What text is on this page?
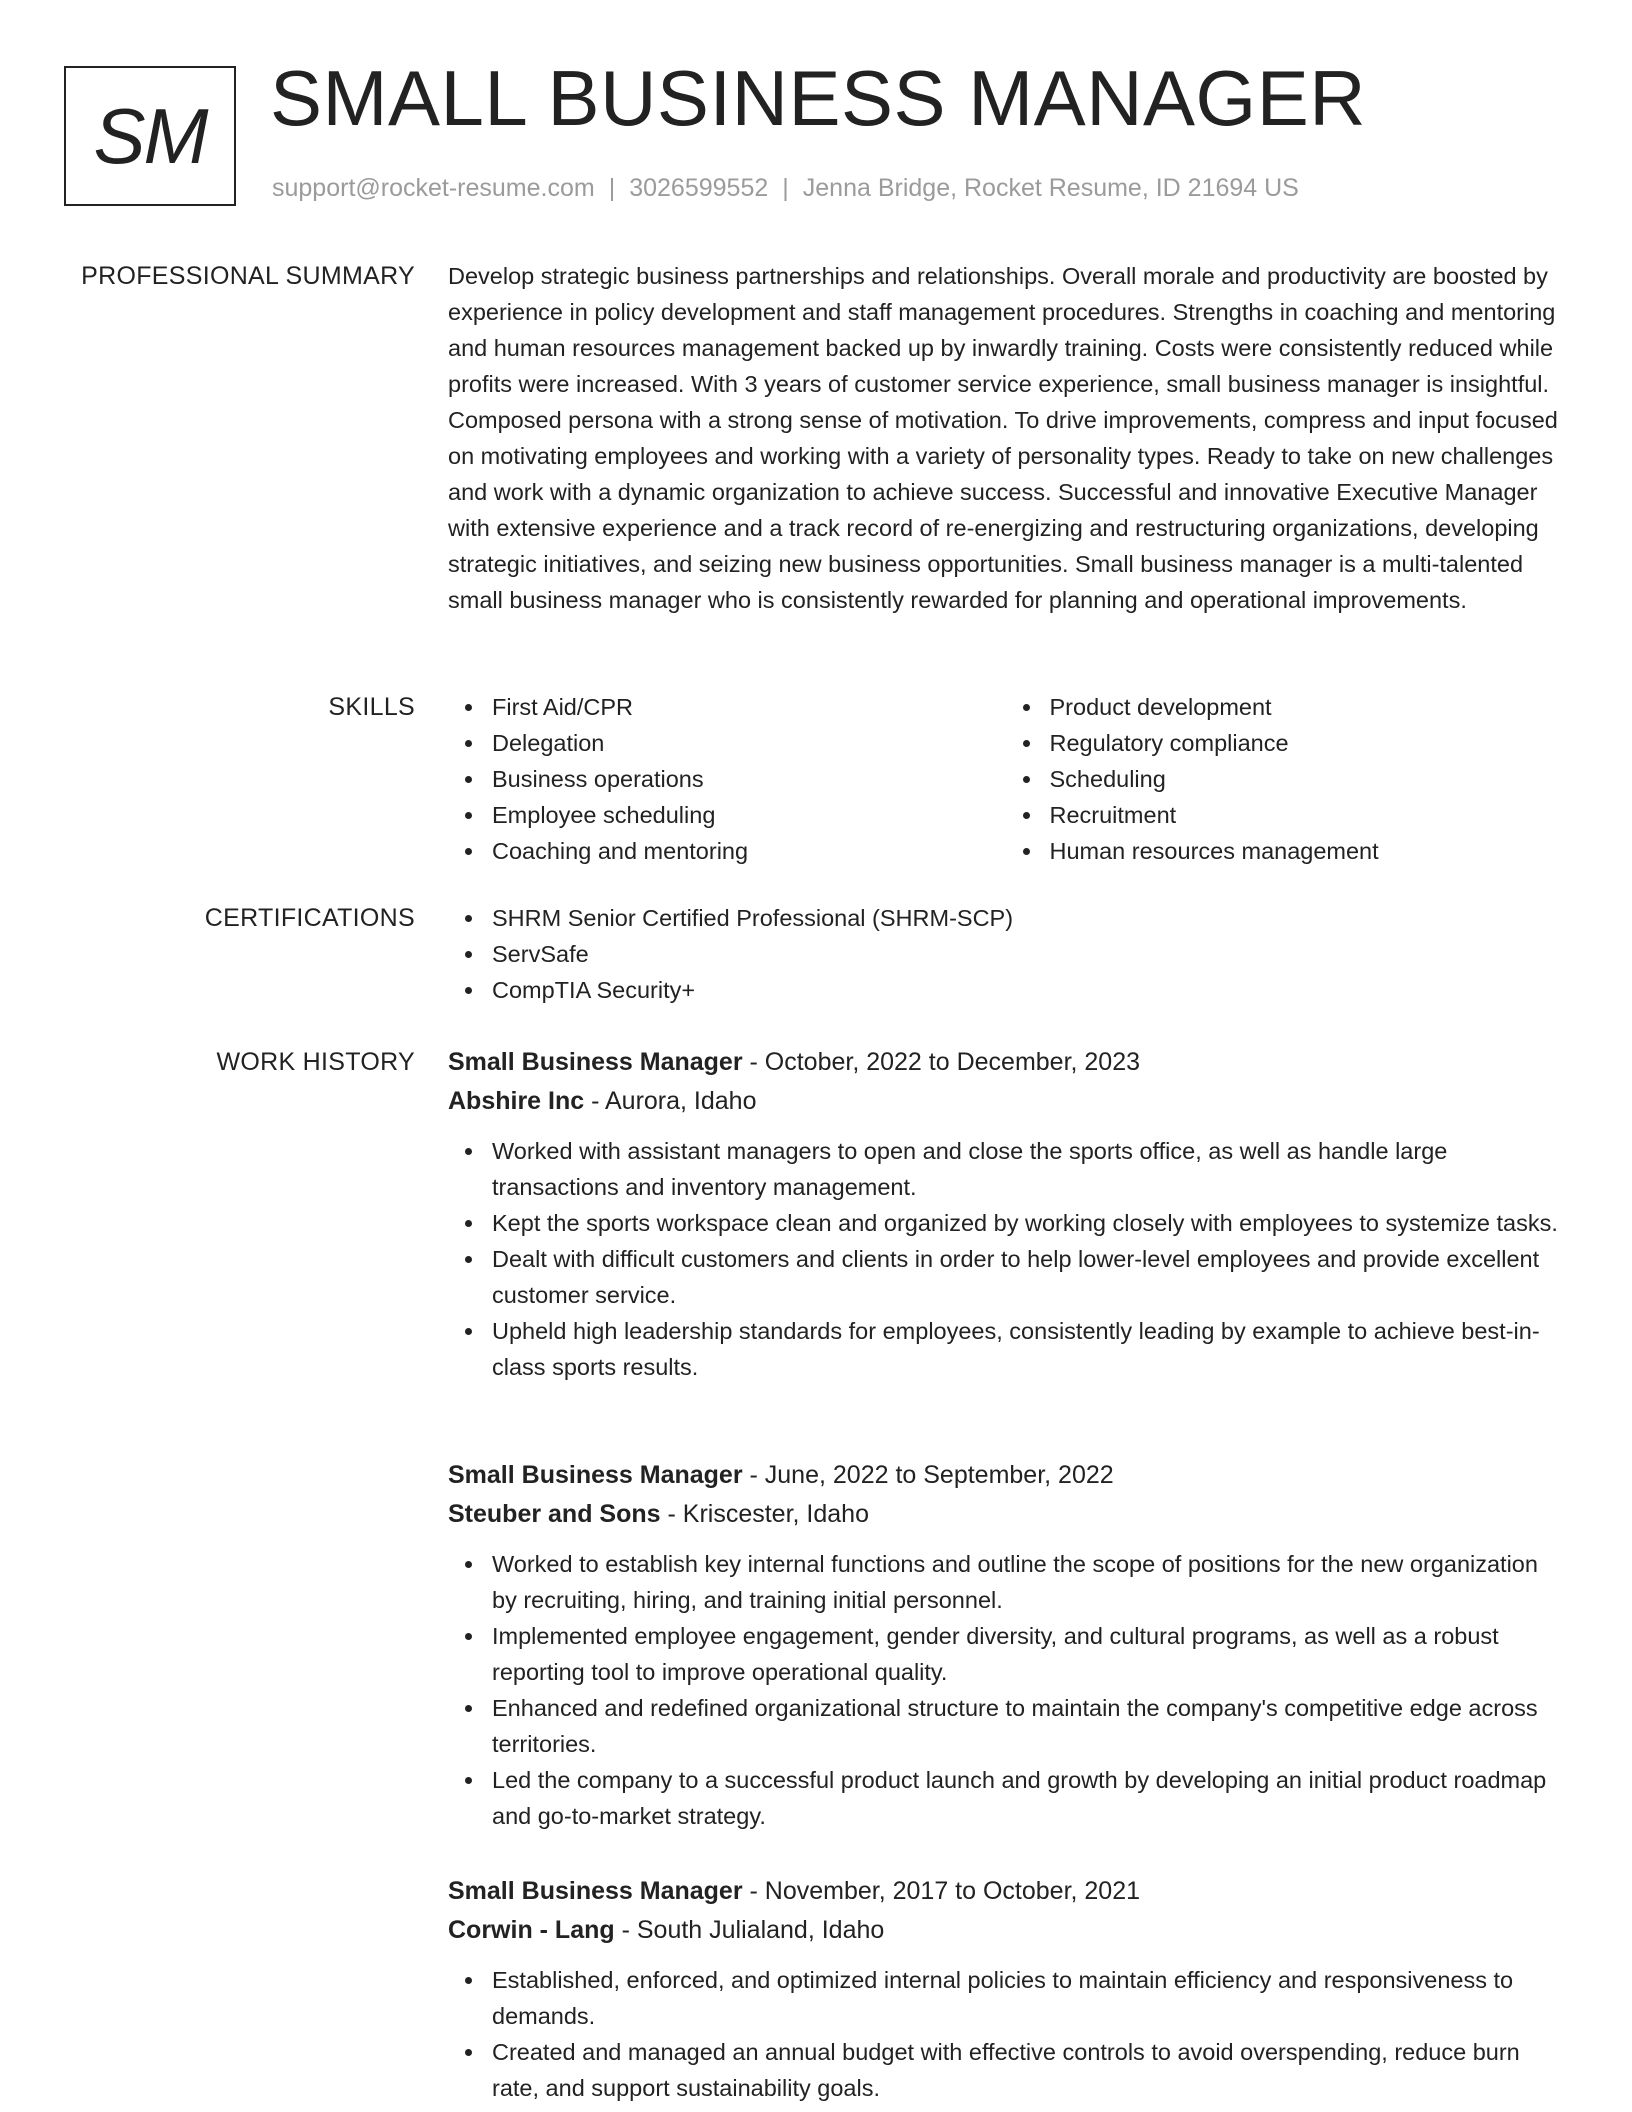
SM SMALL BUSINESS MANAGER
support@rocket-resume.com | 3026599552 | Jenna Bridge, Rocket Resume, ID 21694 US
PROFESSIONAL SUMMARY Develop strategic business partnerships and relationships. Overall morale and productivity are boosted by experience in policy development and staff management procedures. Strengths in coaching and mentoring and human resources management backed up by inwardly training. Costs were consistently reduced while profits were increased. With 3 years of customer service experience, small business manager is insightful. Composed persona with a strong sense of motivation. To drive improvements, compress and input focused on motivating employees and working with a variety of personality types. Ready to take on new challenges and work with a dynamic organization to achieve success. Successful and innovative Executive Manager with extensive experience and a track record of re-energizing and restructuring organizations, developing strategic initiatives, and seizing new business opportunities. Small business manager is a multi-talented small business manager who is consistently rewarded for planning and operational improvements.

SKILLS	First Aid/CPR
Delegation
Business operations
Employee scheduling
Coaching and mentoring
Product development
Regulatory compliance
Scheduling
Recruitment
Human resources management
CERTIFICATIONS	SHRM Senior Certified Professional (SHRM-SCP)
ServSafe
CompTIA Security+
WORK HISTORY Small Business Manager - October, 2022 to December, 2023
Abshire Inc - Aurora, Idaho
Worked with assistant managers to open and close the sports office, as well as handle large transactions and inventory management.
Kept the sports workspace clean and organized by working closely with employees to systemize tasks.
Dealt with difficult customers and clients in order to help lower-level employees and provide excellent customer service.
Upheld high leadership standards for employees, consistently leading by example to achieve best-in-class sports results.
Small Business Manager - June, 2022 to September, 2022
Steuber and Sons - Kriscester, Idaho
Worked to establish key internal functions and outline the scope of positions for the new organization by recruiting, hiring, and training initial personnel.
Implemented employee engagement, gender diversity, and cultural programs, as well as a robust reporting tool to improve operational quality.
Enhanced and redefined organizational structure to maintain the company's competitive edge across territories.
Led the company to a successful product launch and growth by developing an initial product roadmap and go-to-market strategy.
Small Business Manager - November, 2017 to October, 2021
Corwin - Lang - South Julialand, Idaho
Established, enforced, and optimized internal policies to maintain efficiency and responsiveness to demands.
Created and managed an annual budget with effective controls to avoid overspending, reduce burn rate, and support sustainability goals.
